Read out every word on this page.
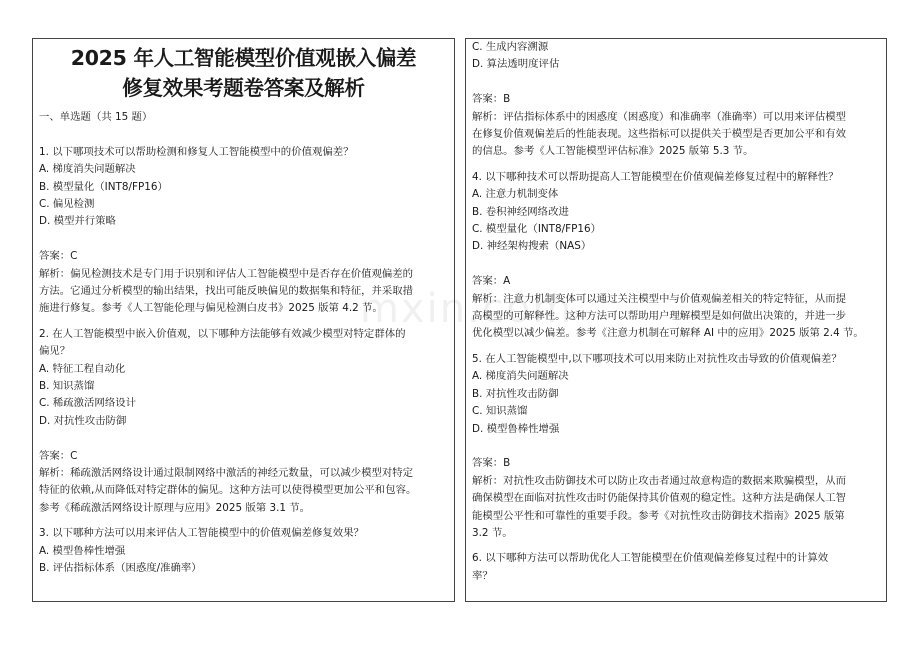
mxin.com
2025 年人工智能模型价值观嵌入偏差
修复效果考题卷答案及解析

一、单选题（共 15 题）

1. 以下哪项技术可以帮助检测和修复人工智能模型中的价值观偏差？

A. 梯度消失问题解决

B. 模型量化（INT8/FP16）

C. 偏见检测

D. 模型并行策略

答案：C

解析：偏见检测技术是专门用于识别和评估人工智能模型中是否存在价值观偏差的

方法。它通过分析模型的输出结果，找出可能反映偏见的数据集和特征，并采取措

施进行修复。参考《人工智能伦理与偏见检测白皮书》2025 版第 4.2 节。

2. 在人工智能模型中嵌入价值观，以下哪种方法能够有效减少模型对特定群体的

偏见？

A. 特征工程自动化

B. 知识蒸馏

C. 稀疏激活网络设计

D. 对抗性攻击防御

答案：C

解析：稀疏激活网络设计通过限制网络中激活的神经元数量，可以减少模型对特定

特征的依赖,从而降低对特定群体的偏见。这种方法可以使得模型更加公平和包容。

参考《稀疏激活网络设计原理与应用》2025 版第 3.1 节。

3. 以下哪种方法可以用来评估人工智能模型中的价值观偏差修复效果？

A. 模型鲁棒性增强

B. 评估指标体系（困惑度/准确率）

C. 生成内容溯源

D. 算法透明度评估

答案：B

解析：评估指标体系中的困惑度（困惑度）和准确率（准确率）可以用来评估模型

在修复价值观偏差后的性能表现。这些指标可以提供关于模型是否更加公平和有效

的信息。参考《人工智能模型评估标准》2025 版第 5.3 节。

4. 以下哪种技术可以帮助提高人工智能模型在价值观偏差修复过程中的解释性？

A. 注意力机制变体

B. 卷积神经网络改进

C. 模型量化（INT8/FP16）

D. 神经架构搜索（NAS）

答案：A

解析：注意力机制变体可以通过关注模型中与价值观偏差相关的特定特征，从而提

高模型的可解释性。这种方法可以帮助用户理解模型是如何做出决策的，并进一步

优化模型以减少偏差。参考《注意力机制在可解释 AI 中的应用》2025 版第 2.4 节。

5. 在人工智能模型中,以下哪项技术可以用来防止对抗性攻击导致的价值观偏差？

A. 梯度消失问题解决

B. 对抗性攻击防御

C. 知识蒸馏

D. 模型鲁棒性增强

答案：B

解析：对抗性攻击防御技术可以防止攻击者通过故意构造的数据来欺骗模型，从而

确保模型在面临对抗性攻击时仍能保持其价值观的稳定性。这种方法是确保人工智

能模型公平性和可靠性的重要手段。参考《对抗性攻击防御技术指南》2025 版第

3.2 节。

6. 以下哪种方法可以帮助优化人工智能模型在价值观偏差修复过程中的计算效

率？
